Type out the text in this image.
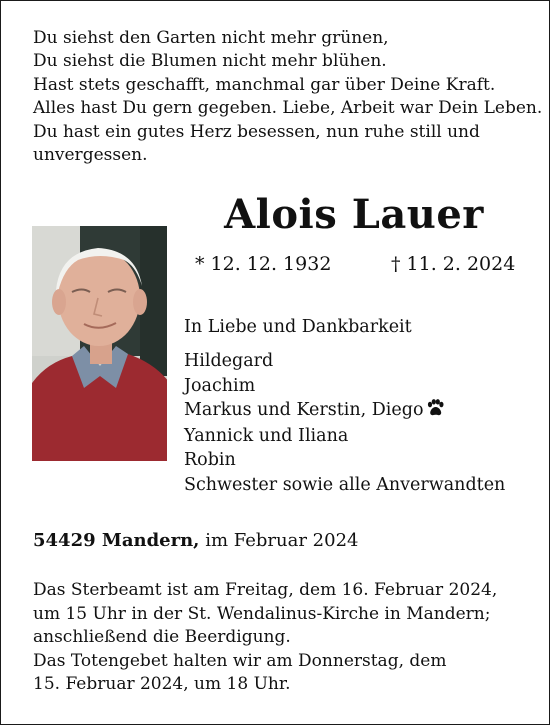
Du siehst den Garten nicht mehr grünen,
Du siehst die Blumen nicht mehr blühen.
Hast stets geschafft, manchmal gar über Deine Kraft.
Alles hast Du gern gegeben. Liebe, Arbeit war Dein Leben.
Du hast ein gutes Herz besessen, nun ruhe still und
unvergessen.
Alois Lauer
* 12. 12. 1932	† 11. 2. 2024
In Liebe und Dankbarkeit
Hildegard
Joachim
Markus und Kerstin, Diego
Yannick und Iliana
Robin
Schwester sowie alle Anverwandten
54429 Mandern, im Februar 2024
Das Sterbeamt ist am Freitag, dem 16. Februar 2024,
um 15 Uhr in der St. Wendalinus-Kirche in Mandern;
anschließend die Beerdigung.
Das Totengebet halten wir am Donnerstag, dem
15. Februar 2024, um 18 Uhr.
